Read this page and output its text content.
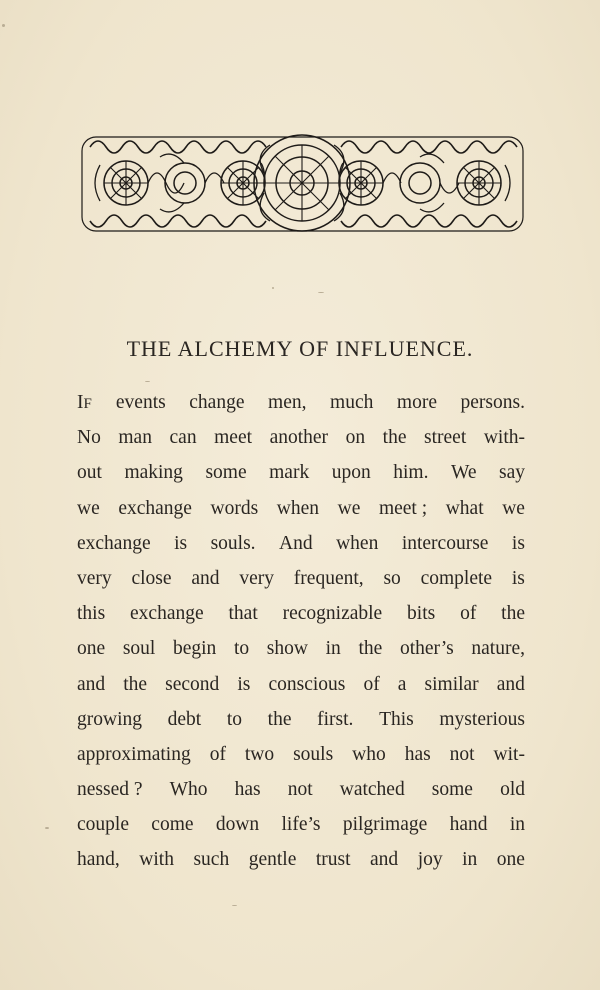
THE ALCHEMY OF INFLUENCE.
IF events change men, much more persons.
No man can meet another on the street with-
out making some mark upon him. We say
we exchange words when we meet ; what we
exchange is souls. And when intercourse is
very close and very frequent, so complete is
this exchange that recognizable bits of the
one soul begin to show in the other’s nature,
and the second is conscious of a similar and
growing debt to the first. This mysterious
approximating of two souls who has not wit-
nessed ? Who has not watched some old
couple come down life’s pilgrimage hand in
hand, with such gentle trust and joy in one
